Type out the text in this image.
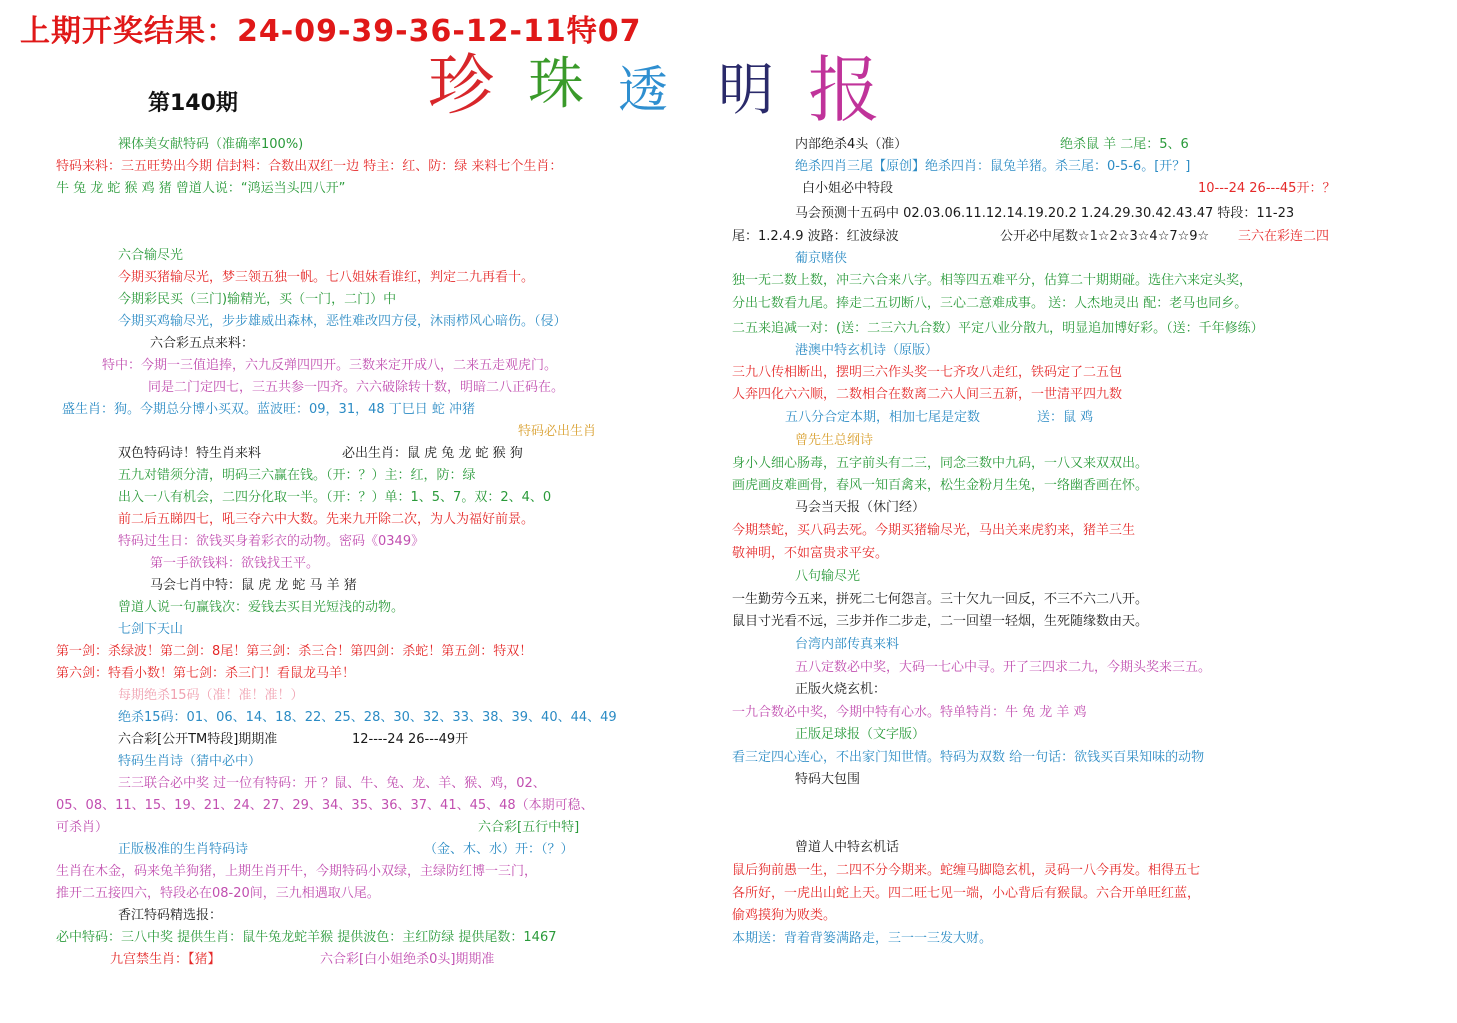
上期开奖结果：24-09-39-36-12-11特07
珍 珠 透 明 报
第140期
裸体美女献特码（准确率100%)
特码来料：三五旺势出今期 信封料：合数出双红一边 特主：红、防：绿 来料七个生肖：
牛 兔 龙 蛇 猴 鸡 猪 曾道人说：“鸿运当头四八开”
六合输尽光
今期买猪输尽光，梦三领五独一帆。七八姐妹看谁红，判定二九再看十。
今期彩民买（三门)输精光，买（一门，二门）中
今期买鸡输尽光，步步雄威出森林，恶性难改四方侵，沐雨栉风心暗伤。（侵）
六合彩五点来料：
特中：今期一三值追捧，六九反弹四四开。三数来定开成八，二来五走观虎门。
同是二门定四七，三五共参一四齐。六六破除转十数，明暗二八正码在。
盛生肖：狗。今期总分博小买双。蓝波旺：09，31，48 丁巳日 蛇 冲猪
特码必出生肖
双色特码诗！特生肖来料	必出生肖：鼠 虎 兔 龙 蛇 猴 狗
五九对错须分清，明码三六赢在钱。（开：？）主：红，防：绿
出入一八有机会，二四分化取一半。（开：？）单：1、5、7。双：2、4、0
前二后五睇四七，吼三夺六中大数。先来九开除二次，为人为福好前景。
特码过生日：欲钱买身着彩衣的动物。密码《0349》
第一手欲钱料：欲钱找王平。
马会七肖中特：鼠 虎 龙 蛇 马 羊 猪
曾道人说一句赢钱次：爱钱去买目光短浅的动物。
七剑下天山
第一剑：杀绿波！第二剑：8尾！第三剑：杀三合！第四剑：杀蛇！第五剑：特双！
第六剑：特看小数！第七剑：杀三门！看鼠龙马羊！
每期绝杀15码（准！准！准！）
绝杀15码：01、06、14、18、22、25、28、30、32、33、38、39、40、44、49
六合彩[公开TM特段]期期准	12----24 26---49开
特码生肖诗（猜中必中）
三三联合必中奖 过一位有特码：开 ？鼠、牛、兔、龙、羊、猴、鸡，02、
05、08、11、15、19、21、24、27、29、34、35、36、37、41、45、48（本期可稳、
可杀肖）	六合彩[五行中特]
正版极准的生肖特码诗	（金、木、水）开：（？）
生肖在木金，码来兔羊狗猪，上期生肖开牛，今期特码小双绿，主绿防红博一三门，
推开二五接四六，特段必在08-20间，三九相遇取八尾。
香江特码精选报：
必中特码：三八中奖 提供生肖：鼠牛兔龙蛇羊猴 提供波色：主红防绿 提供尾数：1467
九宫禁生肖：【猪】	六合彩[白小姐绝杀0头]期期准
内部绝杀4头（准）	绝杀鼠 羊 二尾：5、6
绝杀四肖三尾【原创】绝杀四肖：鼠兔羊猪。杀三尾：0-5-6。[开？]
白小姐必中特段	10---24 26---45开：？
马会预测十五码中 02.03.06.11.12.14.19.20.2 1.24.29.30.42.43.47 特段：11-23
尾：1.2.4.9 波路：红波绿波	公开必中尾数☆1☆2☆3☆4☆7☆9☆ 三六在彩连二四
葡京赌侠
独一无二数上数，冲三六合来八字。相等四五难平分，估算二十期期碰。选住六来定头奖，
分出七数看九尾。捧走二五切断八，三心二意难成事。 送：人杰地灵出 配：老马也同乡。
二五来追减一对：(送：二三六九合数）平定八业分散九，明显追加博好彩。（送：千年修练）
港澳中特玄机诗（原版）
三九八传相断出，摆明三六作头奖一七齐攻八走红，铁码定了二五包
人奔四化六六顺，二数相合在数离二六人间三五新，一世清平四九数
五八分合定本期，相加七尾是定数	送：鼠 鸡
曾先生总纲诗
身小人细心肠毒，五字前头有二三，同念三数中九码，一八又来双双出。
画虎画皮难画骨，春风一知百禽来，松生金粉月生兔，一络幽香画在怀。
马会当天报（休门经）
今期禁蛇，买八码去死。今期买猪输尽光，马出关来虎豹来，猪羊三生
敬神明，不如富贵求平安。
八句输尽光
一生勤劳今五来，拼死二七何怨言。三十欠九一回反，不三不六二八开。
鼠目寸光看不远，三步并作二步走，二一回望一轻烟，生死随缘数由天。
台湾内部传真来料
五八定数必中奖，大码一七心中寻。开了三四求二九，今期头奖来三五。
正版火烧玄机：
一九合数必中奖，今期中特有心水。特单特肖：牛 兔 龙 羊 鸡
正版足球报（文字版）
看三定四心连心，不出家门知世情。特码为双数 给一句话：欲钱买百果知味的动物
特码大包围
曾道人中特玄机话
鼠后狗前愚一生，二四不分今期来。蛇缠马脚隐玄机，灵码一八今再发。相得五七
各所好，一虎出山蛇上天。四二旺七见一端，小心背后有猴鼠。六合开单旺红蓝，
偷鸡摸狗为败类。
本期送：背着背篓满路走，三一一三发大财。
